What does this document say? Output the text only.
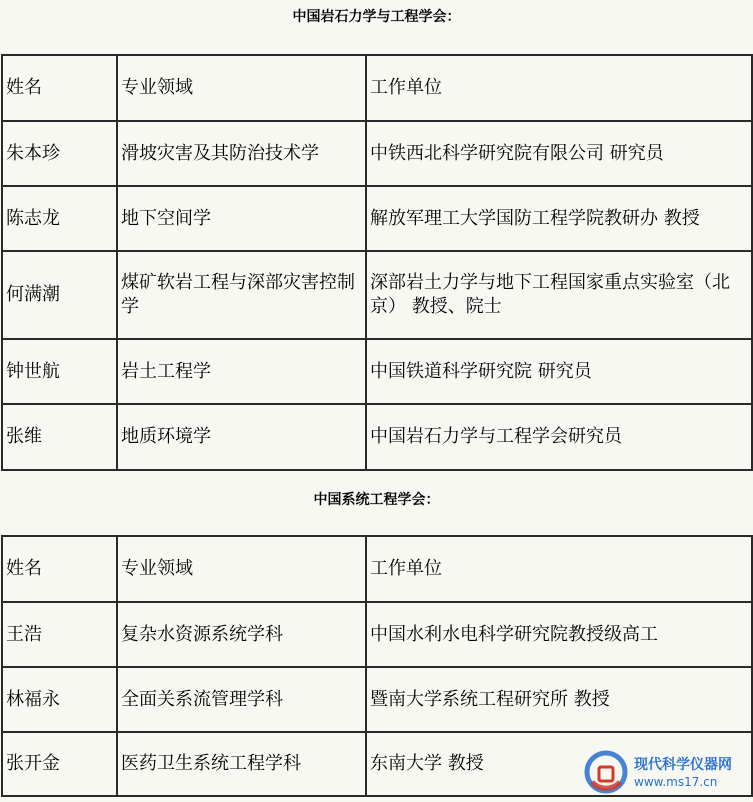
中国岩石力学与工程学会：
姓名	专业领域	工作单位
朱本珍	滑坡灾害及其防治技术学	中铁西北科学研究院有限公司 研究员
陈志龙	地下空间学	解放军理工大学国防工程学院教研办 教授
何满潮	煤矿软岩工程与深部灾害控制学	深部岩土力学与地下工程国家重点实验室（北京） 教授、院士
钟世航	岩土工程学	中国铁道科学研究院 研究员
张维	地质环境学	中国岩石力学与工程学会研究员
中国系统工程学会：
姓名	专业领域	工作单位
王浩	复杂水资源系统学科	中国水利水电科学研究院教授级高工
林福永	全面关系流管理学科	暨南大学系统工程研究所 教授
张开金	医药卫生系统工程学科	东南大学 教授	现代科学仪器网
www.ms17.cn
